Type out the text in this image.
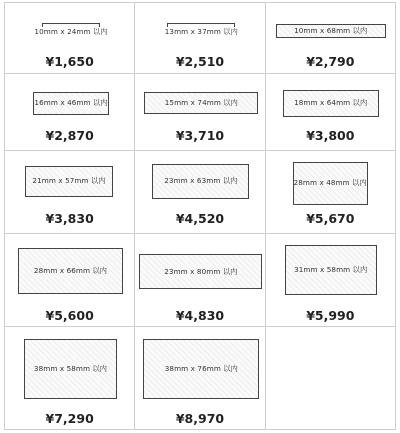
10mm x 24mm 以内
¥1,650
13mm x 37mm 以内
¥2,510
10mm x 68mm 以内
¥2,790
16mm x 46mm 以内
¥2,870
15mm x 74mm 以内
¥3,710
18mm x 64mm 以内
¥3,800
21mm x 57mm 以内
¥3,830
23mm x 63mm 以内
¥4,520
28mm x 48mm 以内
¥5,670
28mm x 66mm 以内
¥5,600
23mm x 80mm 以内
¥4,830
31mm x 58mm 以内
¥5,990
38mm x 58mm 以内
¥7,290
38mm x 76mm 以内
¥8,970
